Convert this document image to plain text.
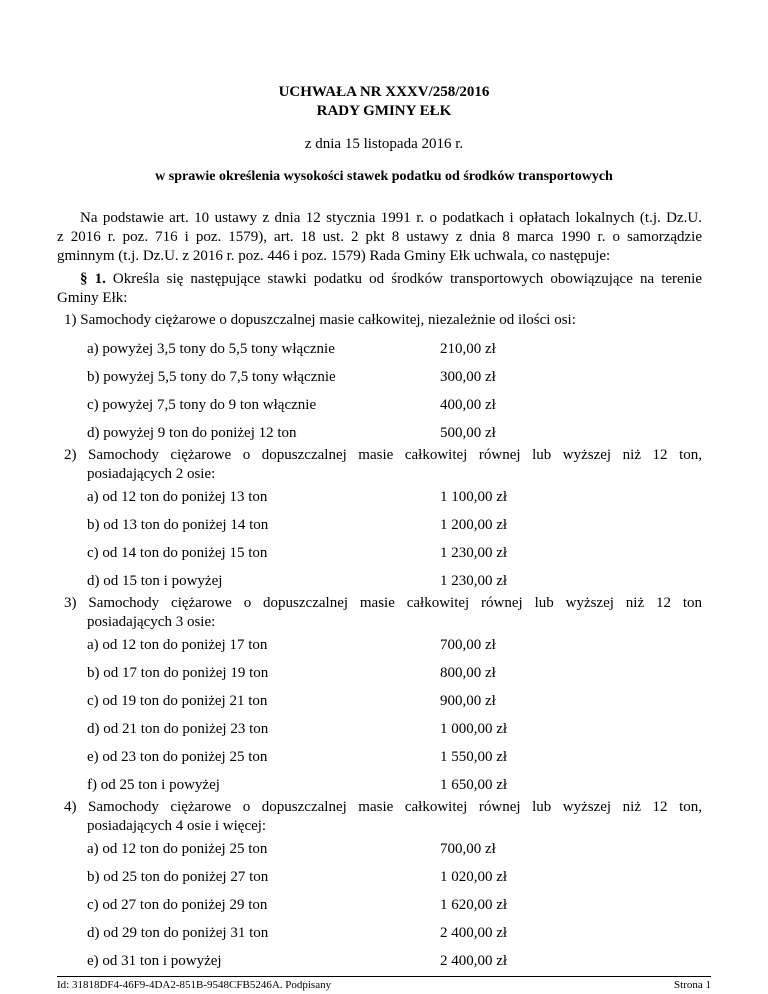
UCHWAŁA NR XXXV/258/2016
RADY GMINY EŁK
z dnia 15 listopada 2016 r.
w sprawie określenia wysokości stawek podatku od środków transportowych
Na podstawie art. 10 ustawy z dnia 12 stycznia 1991 r. o podatkach i opłatach lokalnych (t.j. Dz.U.
z 2016 r. poz. 716 i poz. 1579), art. 18 ust. 2 pkt 8 ustawy z dnia 8 marca 1990 r. o samorządzie
gminnym (t.j. Dz.U. z 2016 r. poz. 446 i poz. 1579) Rada Gminy Ełk uchwala, co następuje:
§ 1. Określa się następujące stawki podatku od środków transportowych obowiązujące na terenie
Gminy Ełk:
1) Samochody ciężarowe o dopuszczalnej masie całkowitej, niezależnie od ilości osi:
a) powyżej 3,5 tony do 5,5 tony włącznie	210,00 zł
b) powyżej 5,5 tony do 7,5 tony włącznie	300,00 zł
c) powyżej 7,5 tony do 9 ton włącznie	400,00 zł
d) powyżej 9 ton do poniżej 12 ton	500,00 zł
2) Samochody ciężarowe o dopuszczalnej masie całkowitej równej lub wyższej niż 12 ton,
posiadających 2 osie:
a) od 12 ton do poniżej 13 ton	1 100,00 zł
b) od 13 ton do poniżej 14 ton	1 200,00 zł
c) od 14 ton do poniżej 15 ton	1 230,00 zł
d) od 15 ton i powyżej	1 230,00 zł
3) Samochody ciężarowe o dopuszczalnej masie całkowitej równej lub wyższej niż 12 ton
posiadających 3 osie:
a) od 12 ton do poniżej 17 ton	700,00 zł
b) od 17 ton do poniżej 19 ton	800,00 zł
c) od 19 ton do poniżej 21 ton	900,00 zł
d) od 21 ton do poniżej 23 ton	1 000,00 zł
e) od 23 ton do poniżej 25 ton	1 550,00 zł
f) od 25 ton i powyżej	1 650,00 zł
4) Samochody ciężarowe o dopuszczalnej masie całkowitej równej lub wyższej niż 12 ton,
posiadających 4 osie i więcej:
a) od 12 ton do poniżej 25 ton	700,00 zł
b) od 25 ton do poniżej 27 ton	1 020,00 zł
c) od 27 ton do poniżej 29 ton	1 620,00 zł
d) od 29 ton do poniżej 31 ton	2 400,00 zł
e) od 31 ton i powyżej	2 400,00 zł
Id: 31818DF4-46F9-4DA2-851B-9548CFB5246A. Podpisany	Strona 1
